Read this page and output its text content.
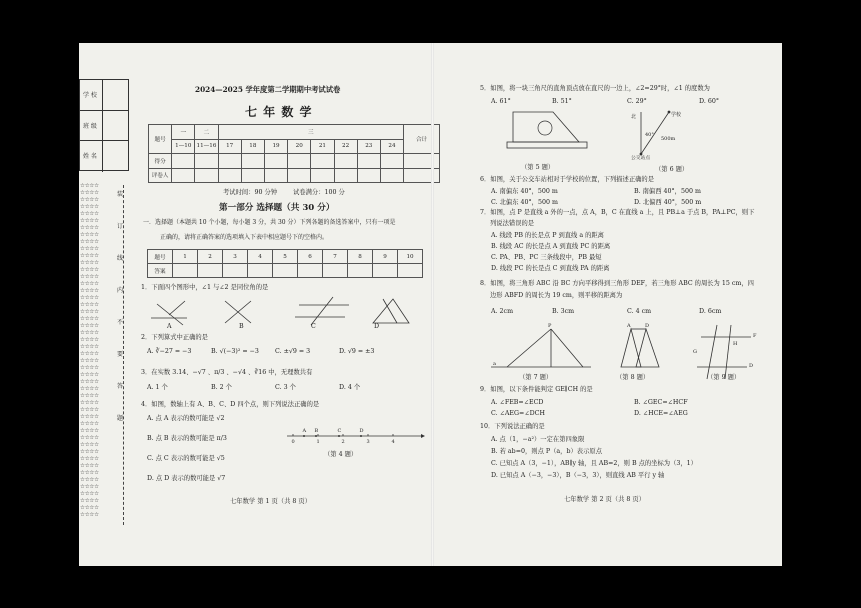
学 校
班 级
姓 名
☆☆☆☆
☆☆☆☆
☆☆☆☆
☆☆☆☆
☆☆☆☆
☆☆☆☆
☆☆☆☆
☆☆☆☆
☆☆☆☆
☆☆☆☆
☆☆☆☆
☆☆☆☆
☆☆☆☆
☆☆☆☆
☆☆☆☆
☆☆☆☆
☆☆☆☆
☆☆☆☆
☆☆☆☆
☆☆☆☆
☆☆☆☆
☆☆☆☆
☆☆☆☆
☆☆☆☆
☆☆☆☆
☆☆☆☆
☆☆☆☆
☆☆☆☆
☆☆☆☆
☆☆☆☆
☆☆☆☆
☆☆☆☆
☆☆☆☆
☆☆☆☆
☆☆☆☆
☆☆☆☆
☆☆☆☆
☆☆☆☆
☆☆☆☆
☆☆☆☆
☆☆☆☆
☆☆☆☆
☆☆☆☆
☆☆☆☆
☆☆☆☆
☆☆☆☆
☆☆☆☆
☆☆☆☆
装
订
线
内
不
要
答
题
2024—2025 学年度第二学期期中考试试卷
七 年 数 学
题号	一	二	三								合计
	1—10	11—16	17	18	19	20	21	22	23	24	
得分											
评卷人											
考试时间：90 分钟	试卷满分：100 分
第一部分 选择题（共 30 分）
一．选择题（本题共 10 个小题，每小题 3 分，共 30 分）下列各题的备选答案中，只有一项是
正确的，请将正确答案的选项填入下表中相应题号下的空格内。
题号	1	2	3	4	5	6	7	8	9	10
答案										
1．下面四个图形中，∠1 与∠2 是同位角的是
A	B	C	D
2．下列算式中正确的是
A. ∛−27 = −3	B. √(−3)² = −3	C. ±√9 = 3	D. √9 = ±3
3．在实数 3.14、−√7 、π/3 、−√4 、∛16 中，无理数共有
A. 1 个	B. 2 个	C. 3 个	D. 4 个
4．如图，数轴上有 A、B、C、D 四个点，则下列说法正确的是
A. 点 A 表示的数可能是 √2
B. 点 B 表示的数可能是 π/3
C. 点 C 表示的数可能是 √5
D. 点 D 表示的数可能是 √7
0	1	2	3	4
A B	C	D
（第 4 题）
七年数学 第 1 页（共 8 页）
5．如图，将一块三角尺的直角顶点放在直尺的一边上，∠2=29°时，∠1 的度数为
A. 61°	B. 51°	C. 29°	D. 60°
（第 5 题）
北	学校
40°
500m
公交站点
（第 6 题）
6．如图，关于公交车站相对于学校的位置，下列描述正确的是
A. 南偏东 40°，500 m	B. 南偏西 40°，500 m
C. 北偏东 40°，500 m	D. 北偏西 40°，500 m
7．如图，点 P 是直线 a 外的一点，点 A，B，C 在直线 a 上，且 PB⊥a 于点 B，PA⊥PC，则下
列说法错误的是
A. 线段 PB 的长是点 P 到直线 a 的距离
B. 线段 AC 的长是点 A 到直线 PC 的距离
C. PA、PB、PC 三条线段中，PB 最短
D. 线段 PC 的长是点 C 到直线 PA 的距离
8．如图，将三角形 ABC 沿 BC 方向平移得到三角形 DEF，若三角形 ABC 的周长为 15 cm，四
边形 ABFD 的周长为 19 cm，则平移的距离为
A. 2cm	B. 3cm	C. 4 cm	D. 6cm
P
a
A	D
F
D
G
H
（第 7 题）	（第 8 题）	（第 9 题）
9．如图，以下条件能判定 GE∥CH 的是
A. ∠FEB=∠ECD	B. ∠GEC=∠HCF
C. ∠AEG=∠DCH	D. ∠HCE=∠AEG
10．下列说法正确的是
A. 点（1，−a²）一定在第四象限
B. 若 ab=0，则点 P（a，b）表示原点
C. 已知点 A（3，−1），AB∥y 轴，且 AB=2，则 B 点的坐标为（3，1）
D. 已知点 A（−3，−3），B（−3，3），则直线 AB 平行 y 轴
七年数学 第 2 页（共 8 页）
